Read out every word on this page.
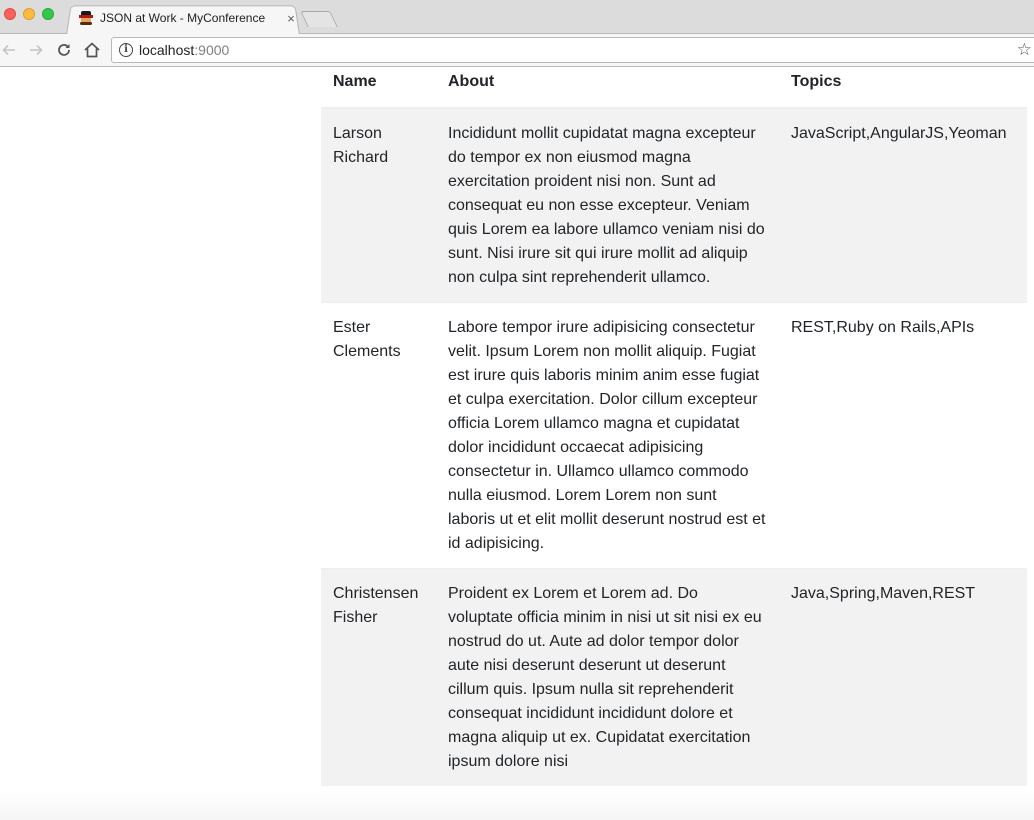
JSON at Work - MyConference	×
i localhost :9000	☆
Name	About	Topics
Larson Richard	Incididunt mollit cupidatat magna excepteur do tempor ex non eiusmod magna exercitation proident nisi non. Sunt ad consequat eu non esse excepteur. Veniam quis Lorem ea labore ullamco veniam nisi do sunt. Nisi irure sit qui irure mollit ad aliquip non culpa sint reprehenderit ullamco.	JavaScript,AngularJS,Yeoman
Ester Clements	Labore tempor irure adipisicing consectetur velit. Ipsum Lorem non mollit aliquip. Fugiat est irure quis laboris minim anim esse fugiat et culpa exercitation. Dolor cillum excepteur officia Lorem ullamco magna et cupidatat dolor incididunt occaecat adipisicing consectetur in. Ullamco ullamco commodo nulla eiusmod. Lorem Lorem non sunt laboris ut et elit mollit deserunt nostrud est et id adipisicing.	REST,Ruby on Rails,APIs
Christensen Fisher	Proident ex Lorem et Lorem ad. Do voluptate officia minim in nisi ut sit nisi ex eu nostrud do ut. Aute ad dolor tempor dolor aute nisi deserunt deserunt ut deserunt cillum quis. Ipsum nulla sit reprehenderit consequat incididunt incididunt dolore et magna aliquip ut ex. Cupidatat exercitation ipsum dolore nisi	Java,Spring,Maven,REST
